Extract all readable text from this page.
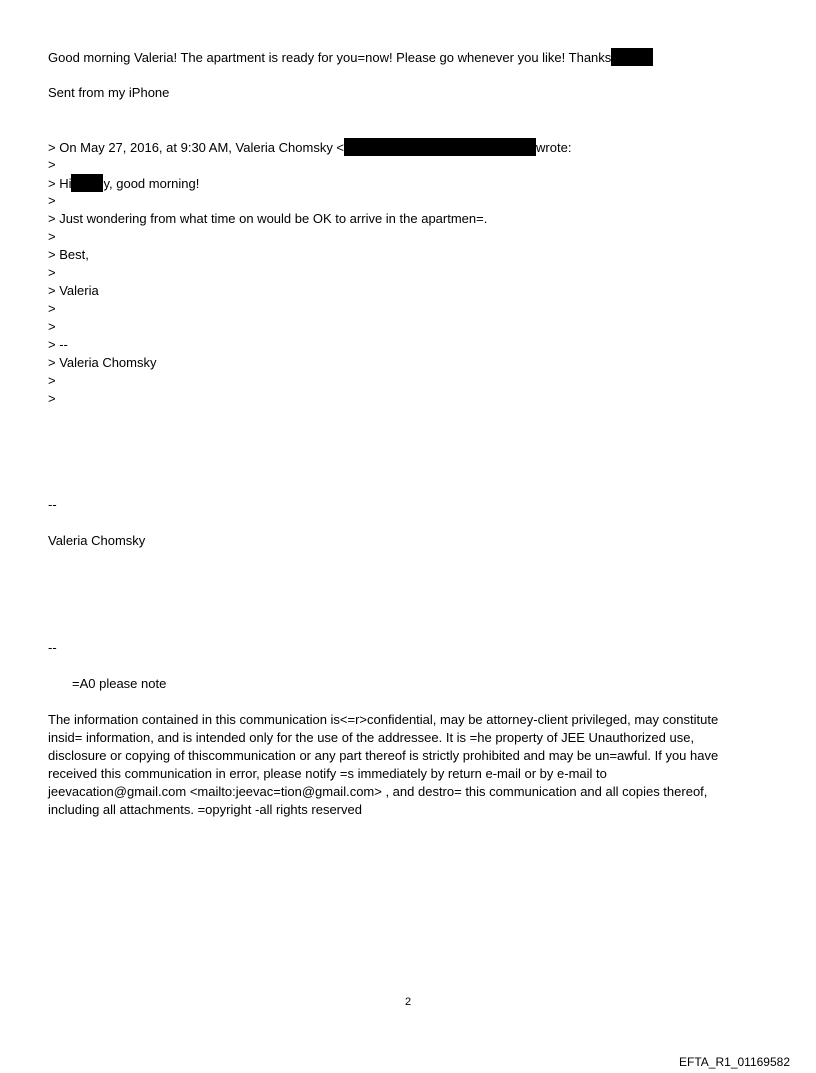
Good morning Valeria! The apartment is ready for you=now! Please go whenever you like! Thanks
Sent from my iPhone
> On May 27, 2016, at 9:30 AM, Valeria Chomsky <	wrote:
>
> Hi y, good morning!
>
> Just wondering from what time on would be OK to arrive in the apartmen=.
>
> Best,
>
> Valeria
>
>
> --
> Valeria Chomsky
>
>
--
Valeria Chomsky
--
=A0 please note
The information contained in this communication is<=r>confidential, may be attorney-client privileged, may constitute
insid= information, and is intended only for the use of the addressee. It is =he property of JEE Unauthorized use,
disclosure or copying of thiscommunication or any part thereof is strictly prohibited and may be un=awful. If you have
received this communication in error, please notify =s immediately by return e-mail or by e-mail to
jeevacation@gmail.com <mailto:jeevac=tion@gmail.com> , and destro= this communication and all copies thereof,
including all attachments. =opyright -all rights reserved
2
EFTA_R1_01169582
